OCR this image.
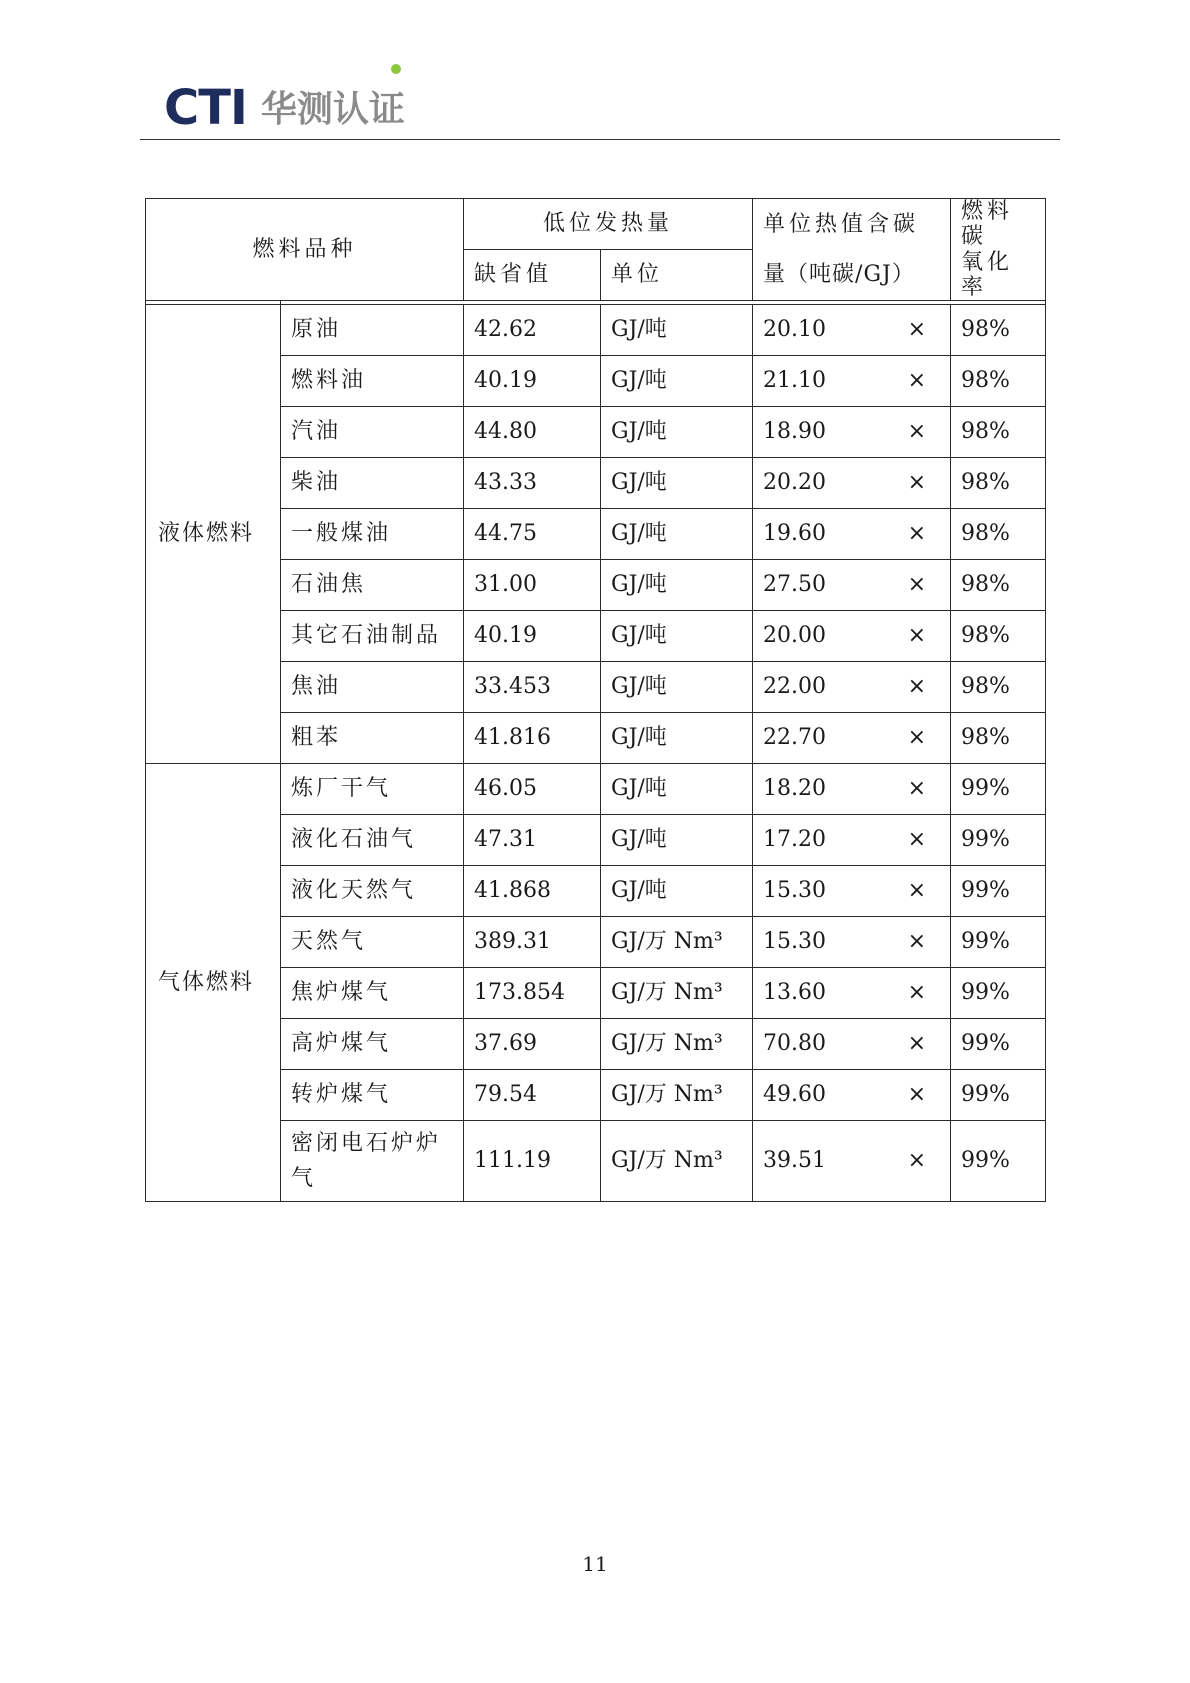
CTI 华测认证
燃料品种		低位发热量		单位热值含碳	燃料碳
		缺省值	单位	量（吨碳/GJ）	氧化率

液体燃料	原油	42.62	GJ/吨	20.10 ×	98%
	燃料油	40.19	GJ/吨	21.10 ×	98%
	汽油	44.80	GJ/吨	18.90 ×	98%
	柴油	43.33	GJ/吨	20.20 ×	98%
	一般煤油	44.75	GJ/吨	19.60 ×	98%
	石油焦	31.00	GJ/吨	27.50 ×	98%
	其它石油制品	40.19	GJ/吨	20.00 ×	98%
	焦油	33.453	GJ/吨	22.00 ×	98%
	粗苯	41.816	GJ/吨	22.70 ×	98%
气体燃料	炼厂干气	46.05	GJ/吨	18.20 ×	99%
	液化石油气	47.31	GJ/吨	17.20 ×	99%
	液化天然气	41.868	GJ/吨	15.30 ×	99%
	天然气	389.31	GJ/万 Nm³	15.30 ×	99%
	焦炉煤气	173.854	GJ/万 Nm³	13.60 ×	99%
	高炉煤气	37.69	GJ/万 Nm³	70.80 ×	99%
	转炉煤气	79.54	GJ/万 Nm³	49.60 ×	99%
	密闭电石炉炉气	111.19	GJ/万 Nm³	39.51 ×	99%
11
